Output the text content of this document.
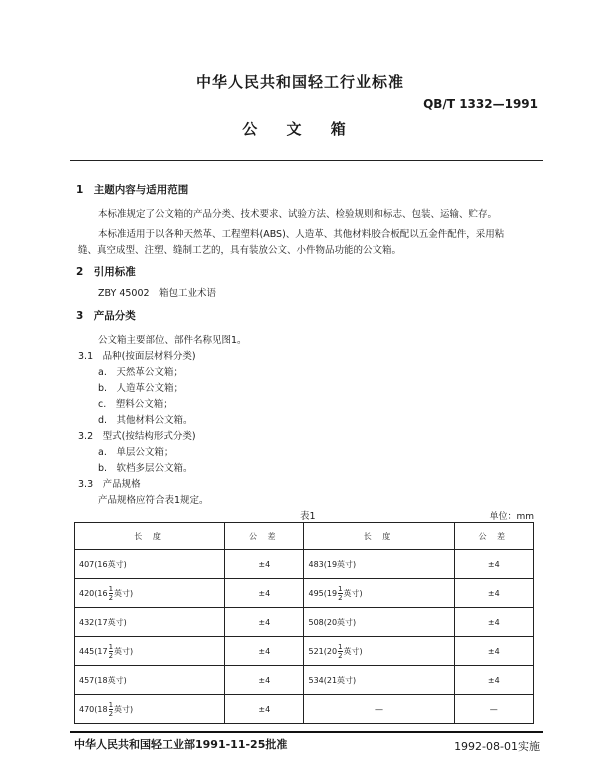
中华人民共和国轻工行业标准
QB/T 1332—1991
公 文 箱
1　主题内容与适用范围
本标准规定了公文箱的产品分类、技术要求、试验方法、检验规则和标志、包装、运输、贮存。
本标准适用于以各种天然革、工程塑料(ABS)、人造革、其他材料胶合板配以五金件配件，采用粘
缝、真空成型、注塑、缝制工艺的，具有装放公文、小件物品功能的公文箱。
2　引用标准
ZBY 45002　箱包工业术语
3　产品分类
公文箱主要部位、部件名称见图1。
3.1　品种(按面层材料分类)
a.　天然革公文箱；
b.　人造革公文箱；
c.　塑料公文箱；
d.　其他材料公文箱。
3.2　型式(按结构形式分类)
a.　单层公文箱；
b.　软档多层公文箱。
3.3　产品规格
产品规格应符合表1规定。
表1	单位：mm
长 度	公 差	长 度	公 差
407(16英寸)	±4	483(19英寸)	±4
$420(16 \frac{1}{2}$ 英寸)	±4	$495(19 \frac{1}{2}$ 英寸)	±4
432(17英寸)	±4	508(20英寸)	±4
$445(17 \frac{1}{2}$ 英寸)	±4	$521(20 \frac{1}{2}$ 英寸)	±4
457(18英寸)	±4	534(21英寸)	±4
$470(18 \frac{1}{2}$ 英寸)	±4	—	—
中华人民共和国轻工业部1991-11-25批准	1992-08-01实施
